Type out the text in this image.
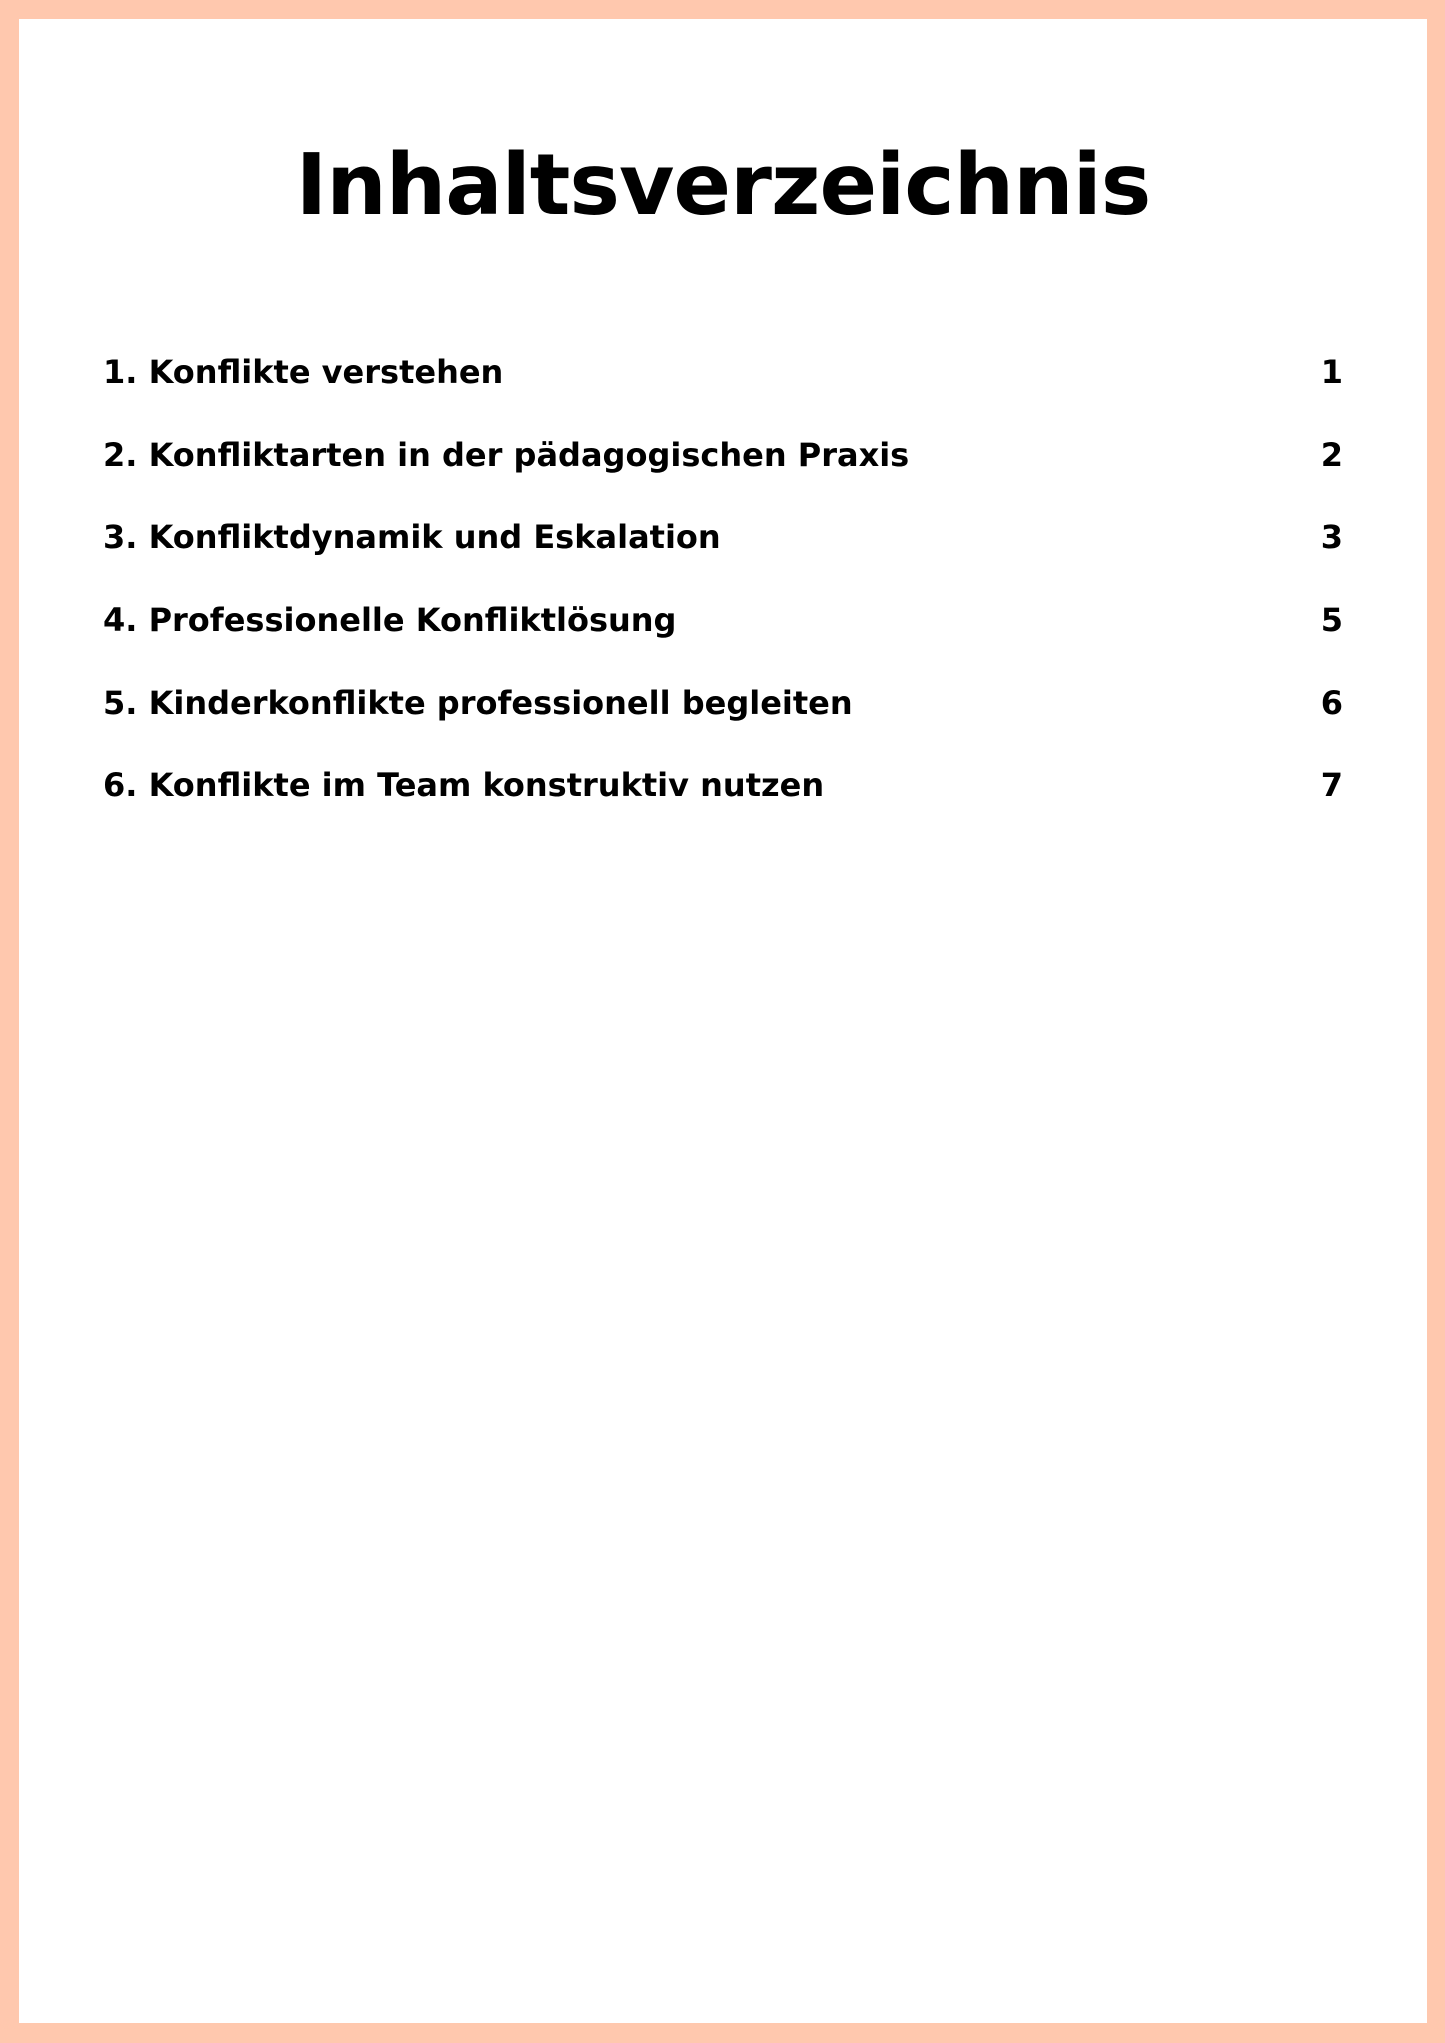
Inhaltsverzeichnis
1. Konflikte verstehen	1
2. Konfliktarten in der pädagogischen Praxis	2
3. Konfliktdynamik und Eskalation	3
4. Professionelle Konfliktlösung	5
5. Kinderkonflikte professionell begleiten	6
6. Konflikte im Team konstruktiv nutzen	7
